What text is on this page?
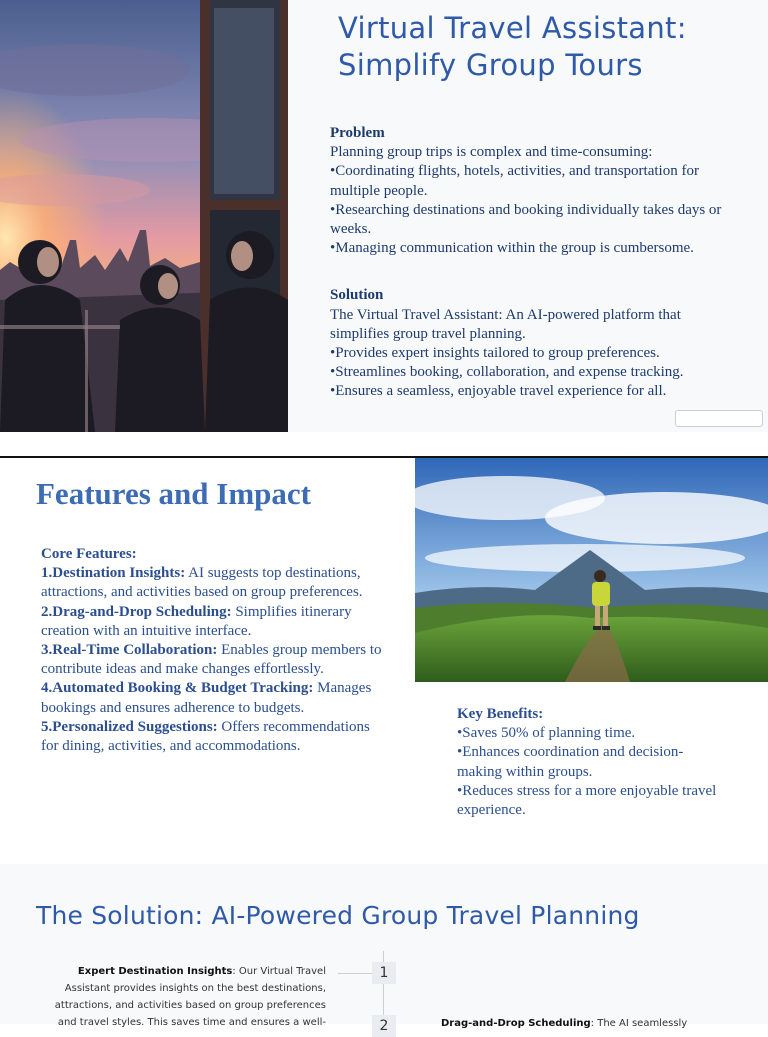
Virtual Travel Assistant:
Simplify Group Tours

Problem

Planning group trips is complex and time-consuming:

•Coordinating flights, hotels, activities, and transportation for multiple people.

•Researching destinations and booking individually takes days or weeks.

•Managing communication within the group is cumbersome.

Solution

The Virtual Travel Assistant: An AI-powered platform that simplifies group travel planning.

•Provides expert insights tailored to group preferences.

•Streamlines booking, collaboration, and expense tracking.

•Ensures a seamless, enjoyable travel experience for all.

Features and Impact

Core Features:

1.Destination Insights: AI suggests top destinations, attractions, and activities based on group preferences.

2.Drag-and-Drop Scheduling: Simplifies itinerary creation with an intuitive interface.

3.Real-Time Collaboration: Enables group members to contribute ideas and make changes effortlessly.

4.Automated Booking & Budget Tracking: Manages bookings and ensures adherence to budgets.

5.Personalized Suggestions: Offers recommendations for dining, activities, and accommodations.

Key Benefits:

•Saves 50% of planning time.

•Enhances coordination and decision-making within groups.

•Reduces stress for a more enjoyable travel experience.

The Solution: AI-Powered Group Travel Planning
1
2
Expert Destination Insights: Our Virtual Travel Assistant provides insights on the best destinations, attractions, and activities based on group preferences and travel styles. This saves time and ensures a well-	Drag-and-Drop Scheduling: The AI seamlessly
